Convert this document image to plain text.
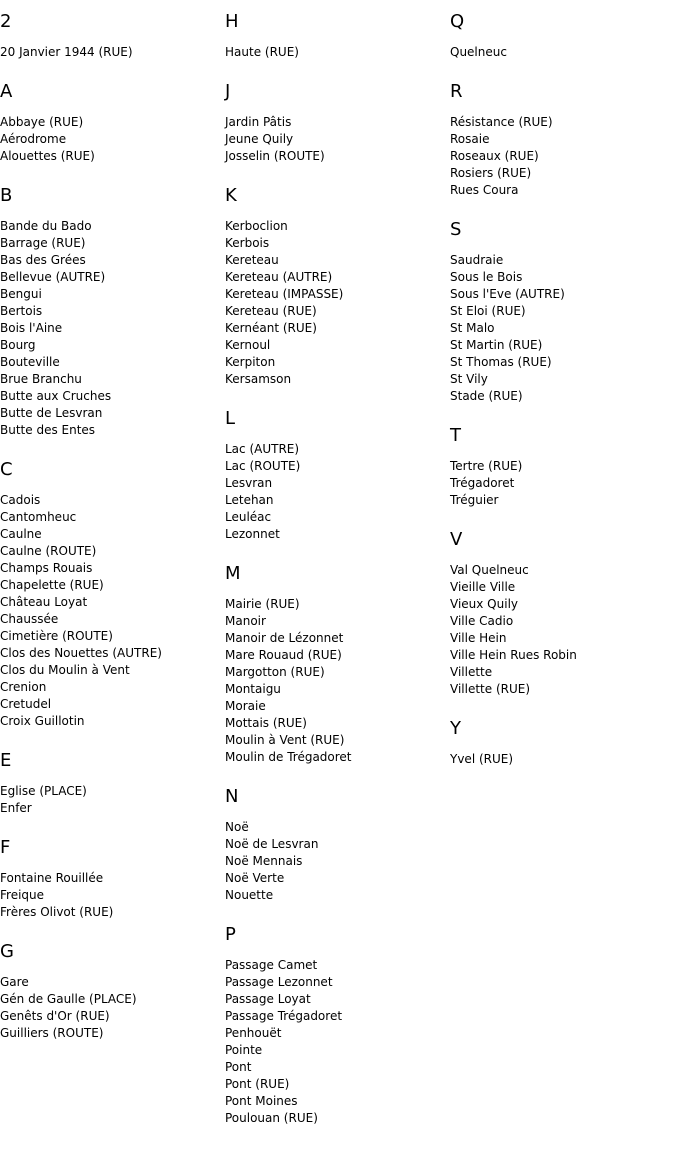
2
20 Janvier 1944 (RUE)
A
Abbaye (RUE)
Aérodrome
Alouettes (RUE)
B
Bande du Bado
Barrage (RUE)
Bas des Grées
Bellevue (AUTRE)
Bengui
Bertois
Bois l'Aine
Bourg
Bouteville
Brue Branchu
Butte aux Cruches
Butte de Lesvran
Butte des Entes
C
Cadois
Cantomheuc
Caulne
Caulne (ROUTE)
Champs Rouais
Chapelette (RUE)
Château Loyat
Chaussée
Cimetière (ROUTE)
Clos des Nouettes (AUTRE)
Clos du Moulin à Vent
Crenion
Cretudel
Croix Guillotin
E
Eglise (PLACE)
Enfer
F
Fontaine Rouillée
Freique
Frères Olivot (RUE)
G
Gare
Gén de Gaulle (PLACE)
Genêts d'Or (RUE)
Guilliers (ROUTE)
H
Haute (RUE)
J
Jardin Pâtis
Jeune Quily
Josselin (ROUTE)
K
Kerboclion
Kerbois
Kereteau
Kereteau (AUTRE)
Kereteau (IMPASSE)
Kereteau (RUE)
Kernéant (RUE)
Kernoul
Kerpiton
Kersamson
L
Lac (AUTRE)
Lac (ROUTE)
Lesvran
Letehan
Leuléac
Lezonnet
M
Mairie (RUE)
Manoir
Manoir de Lézonnet
Mare Rouaud (RUE)
Margotton (RUE)
Montaigu
Moraie
Mottais (RUE)
Moulin à Vent (RUE)
Moulin de Trégadoret
N
Noë
Noë de Lesvran
Noë Mennais
Noë Verte
Nouette
P
Passage Camet
Passage Lezonnet
Passage Loyat
Passage Trégadoret
Penhouët
Pointe
Pont
Pont (RUE)
Pont Moines
Poulouan (RUE)
Q
Quelneuc
R
Résistance (RUE)
Rosaie
Roseaux (RUE)
Rosiers (RUE)
Rues Coura
S
Saudraie
Sous le Bois
Sous l'Eve (AUTRE)
St Eloi (RUE)
St Malo
St Martin (RUE)
St Thomas (RUE)
St Vily
Stade (RUE)
T
Tertre (RUE)
Trégadoret
Tréguier
V
Val Quelneuc
Vieille Ville
Vieux Quily
Ville Cadio
Ville Hein
Ville Hein Rues Robin
Villette
Villette (RUE)
Y
Yvel (RUE)
